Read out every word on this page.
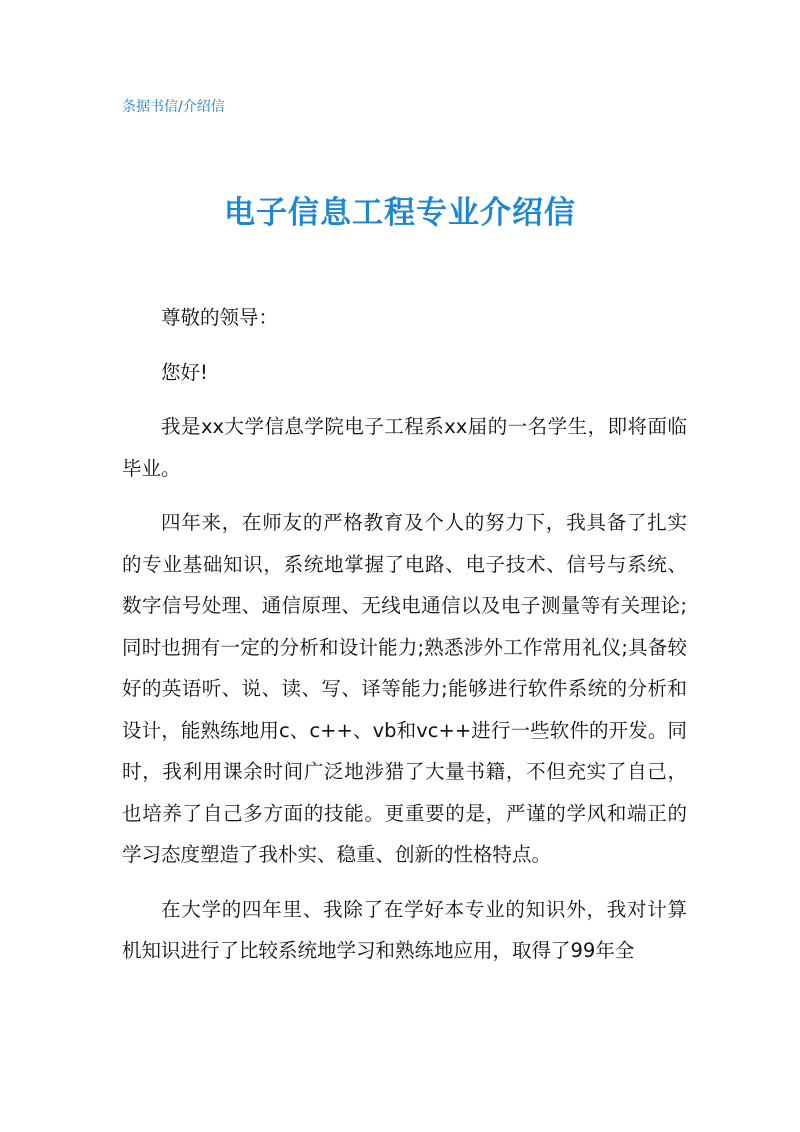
条据书信/介绍信
电子信息工程专业介绍信

尊敬的领导：

您好!

我是xx大学信息学院电子工程系xx届的一名学生，即将面临毕业。

四年来，在师友的严格教育及个人的努力下，我具备了扎实的专业基础知识，系统地掌握了电路、电子技术、信号与系统、数字信号处理、通信原理、无线电通信以及电子测量等有关理论;同时也拥有一定的分析和设计能力;熟悉涉外工作常用礼仪;具备较好的英语听、说、读、写、译等能力;能够进行软件系统的分析和设计，能熟练地用c、c++、vb和vc++进行一些软件的开发。同时，我利用课余时间广泛地涉猎了大量书籍，不但充实了自己，也培养了自己多方面的技能。更重要的是，严谨的学风和端正的学习态度塑造了我朴实、稳重、创新的性格特点。

在大学的四年里、我除了在学好本专业的知识外，我对计算机知识进行了比较系统地学习和熟练地应用，取得了99年全
